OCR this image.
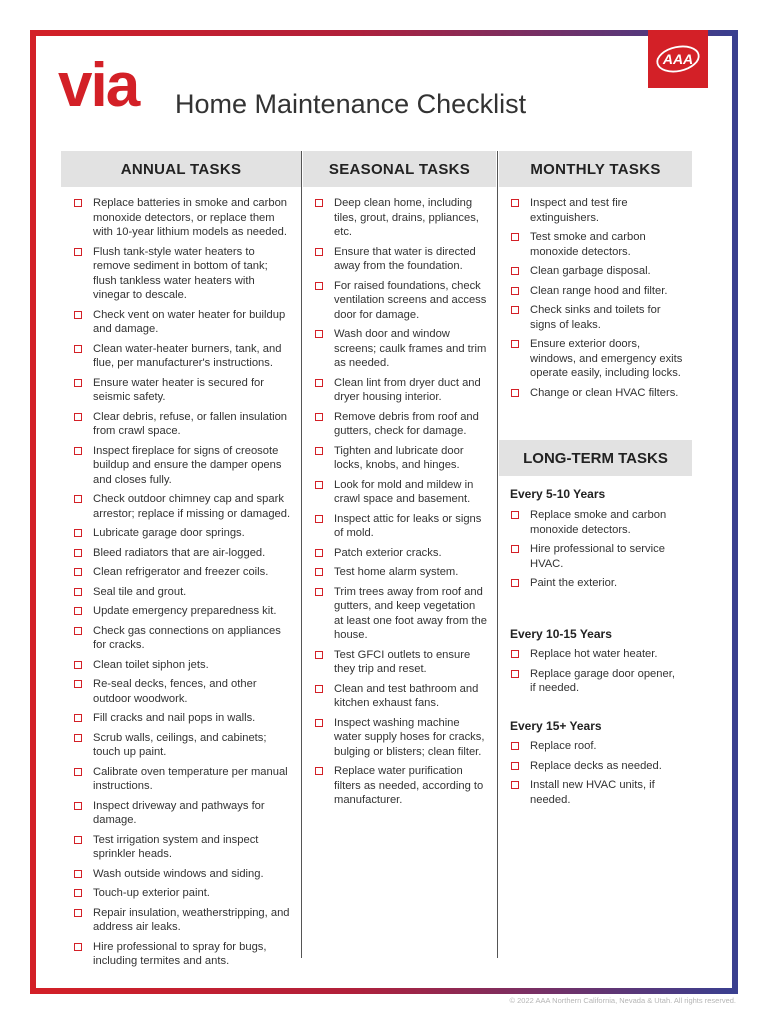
via Home Maintenance Checklist
AAA
ANNUAL TASKS	SEASONAL TASKS	MONTHLY TASKS
Replace batteries in smoke and carbon monoxide detectors, or replace them with 10-year lithium models as needed.
Flush tank-style water heaters to remove sediment in bottom of tank; flush tankless water heaters with vinegar to descale.
Check vent on water heater for buildup and damage.
Clean water-heater burners, tank, and flue, per manufacturer's instructions.
Ensure water heater is secured for seismic safety.
Clear debris, refuse, or fallen insulation from crawl space.
Inspect fireplace for signs of creosote buildup and ensure the damper opens and closes fully.
Check outdoor chimney cap and spark arrestor; replace if missing or damaged.
Lubricate garage door springs.
Bleed radiators that are air-logged.
Clean refrigerator and freezer coils.
Seal tile and grout.
Update emergency preparedness kit.
Check gas connections on appliances for cracks.
Clean toilet siphon jets.
Re-seal decks, fences, and other outdoor woodwork.
Fill cracks and nail pops in walls.
Scrub walls, ceilings, and cabinets; touch up paint.
Calibrate oven temperature per manual instructions.
Inspect driveway and pathways for damage.
Test irrigation system and inspect sprinkler heads.
Wash outside windows and siding.
Touch-up exterior paint.
Repair insulation, weatherstripping, and address air leaks.
Hire professional to spray for bugs, including termites and ants.
Deep clean home, including tiles, grout, drains, ppliances, etc.
Ensure that water is directed away from the foundation.
For raised foundations, check ventilation screens and access door for damage.
Wash door and window screens; caulk frames and trim as needed.
Clean lint from dryer duct and dryer housing interior.
Remove debris from roof and gutters, check for damage.
Tighten and lubricate door locks, knobs, and hinges.
Look for mold and mildew in crawl space and basement.
Inspect attic for leaks or signs of mold.
Patch exterior cracks.
Test home alarm system.
Trim trees away from roof and gutters, and keep vegetation at least one foot away from the house.
Test GFCI outlets to ensure they trip and reset.
Clean and test bathroom and kitchen exhaust fans.
Inspect washing machine water supply hoses for cracks, bulging or blisters; clean filter.
Replace water purification filters as needed, according to manufacturer.
Inspect and test fire extinguishers.
Test smoke and carbon monoxide detectors.
Clean garbage disposal.
Clean range hood and filter.
Check sinks and toilets for signs of leaks.
Ensure exterior doors, windows, and emergency exits operate easily, including locks.
Change or clean HVAC filters.
LONG-TERM TASKS
Every 5-10 Years
Replace smoke and carbon monoxide detectors.
Hire professional to service HVAC.
Paint the exterior.
Every 10-15 Years
Replace hot water heater.
Replace garage door opener, if needed.
Every 15+ Years
Replace roof.
Replace decks as needed.
Install new HVAC units, if needed.
© 2022 AAA Northern California, Nevada & Utah. All rights reserved.
